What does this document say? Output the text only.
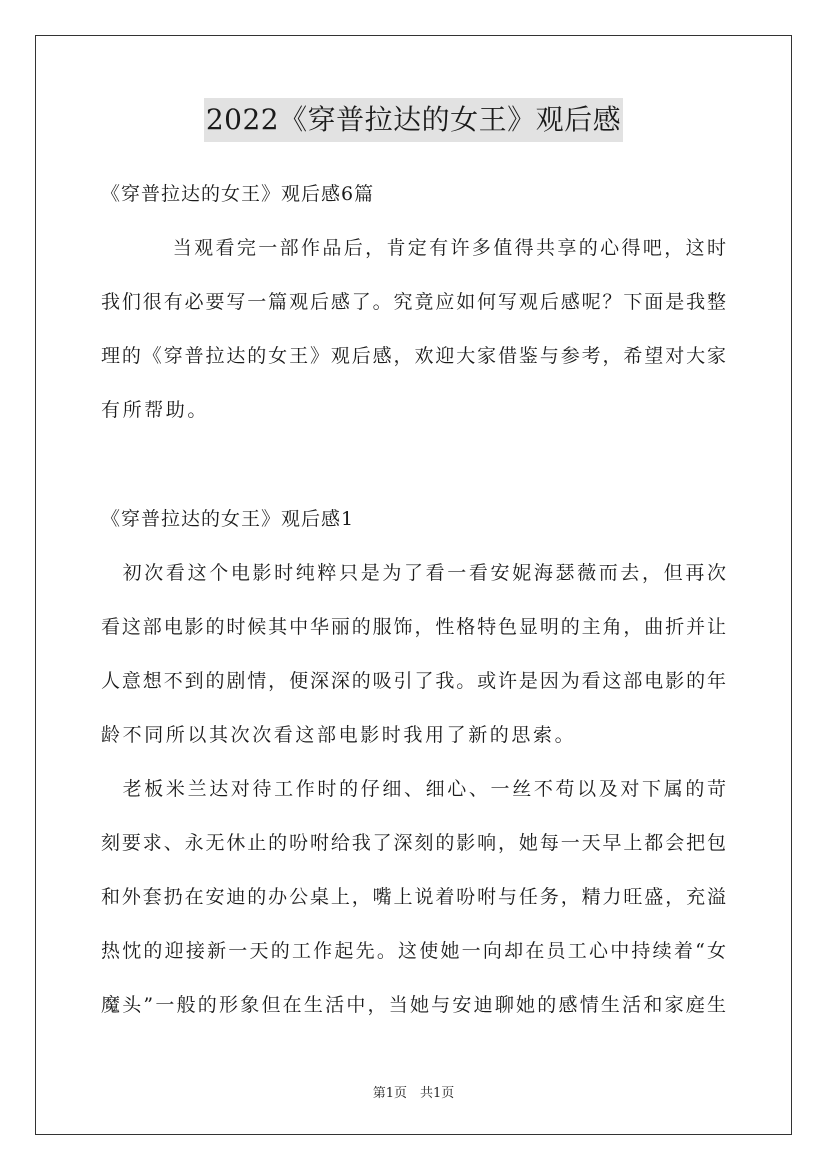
2022《穿普拉达的女王》观后感
《穿普拉达的女王》观后感6篇
　　当观看完一部作品后，肯定有许多值得共享的心得吧，这时
我们很有必要写一篇观后感了。究竟应如何写观后感呢？下面是我整
理的《穿普拉达的女王》观后感，欢迎大家借鉴与参考，希望对大家
有所帮助。
《穿普拉达的女王》观后感1
　初次看这个电影时纯粹只是为了看一看安妮海瑟薇而去，但再次
看这部电影的时候其中华丽的服饰，性格特色显明的主角，曲折并让
人意想不到的剧情，便深深的吸引了我。或许是因为看这部电影的年
龄不同所以其次次看这部电影时我用了新的思索。
　老板米兰达对待工作时的仔细、细心、一丝不苟以及对下属的苛
刻要求、永无休止的吩咐给我了深刻的影响，她每一天早上都会把包
和外套扔在安迪的办公桌上，嘴上说着吩咐与任务，精力旺盛，充溢
热忱的迎接新一天的工作起先。这使她一向却在员工心中持续着“女
魔头”一般的形象但在生活中，当她与安迪聊她的感情生活和家庭生
第1页　共1页
